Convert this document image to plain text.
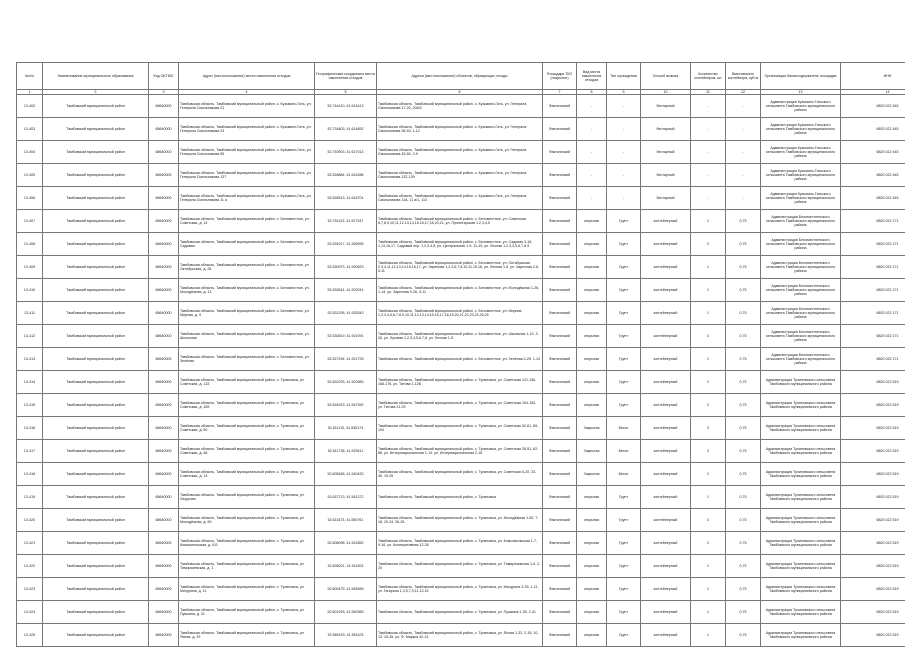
№п/п	Наименование муниципального образования	Код ОКТМО	Адрес (местоположение) места накопления отходов	Географические координаты места накопления отходов	Адреса (местоположение) объектов, образующих отходы	Площадка ТКО (покрытие)	Вид места накопления отходов	Тип ограждения	Способ вывоза	Количество контейнеров, шт	Вместимость контейнера, куб.м	Организация балансодержатель площадки	ИНН
1	2	3	4	5	6	7	8	9	10	11	12	13	14
13-402	Тамбовский муниципальный район	68640000	Тамбовская область, Тамбовский муниципальный район, с. Кузьмино-Гать, ул. Генерала Смольникова 21	52.744410, 41.614413	Тамбовская область, Тамбовский муниципальный район, с. Кузьмино-Гать, ул. Генерала Смольникова 17-20, 20А/2	Фактический	-	-	бестарный	-	-	Администрация Кузьмино-Гатьского сельсовета Тамбовского муниципального района	6820 022 445
13-403	Тамбовский муниципальный район	68640000	Тамбовская область, Тамбовский муниципальный район, с. Кузьмино-Гать, ул. Генерала Смольникова 24	52.734803, 41.614892	Тамбовская область, Тамбовский муниципальный район, с. Кузьмино-Гать, ул. Генерала Смольникова 36-53, 1-12	Фактический	-	-	бестарный	-	-	Администрация Кузьмино-Гатьского сельсовета Тамбовского муниципального района	6820 022 445
13-404	Тамбовский муниципальный район	68640000	Тамбовская область, Тамбовский муниципальный район, с. Кузьмино-Гать, ул. Генерала Смольникова 55	52.753903, 41.617013	Тамбовская область, Тамбовский муниципальный район, с. Кузьмино-Гать, ул. Генерала Смольникова 45-50, 2-9	Фактический	-	-	бестарный	-	-	Администрация Кузьмино-Гатьского сельсовета Тамбовского муниципального района	6820 022 445
13-405	Тамбовский муниципальный район	68640000	Тамбовская область, Тамбовский муниципальный район, с. Кузьмино-Гать, ул. Генерала Смольникова 137	52.528884, 41.614286	Тамбовская область, Тамбовский муниципальный район, с. Кузьмино-Гать, ул. Генерала Смольникова 132-139	Фактический	-	-	бестарный	-	-	Администрация Кузьмино-Гатьского сельсовета Тамбовского муниципального района	6820 022 445
13-406	Тамбовский муниципальный район	68640000	Тамбовская область, Тамбовский муниципальный район, с. Кузьмино-Гать, ул. Генерала Смольникова 11 а	52.528513, 41.616701	Тамбовская область, Тамбовский муниципальный район, с. Кузьмино-Гать, ул. Генерала Смольникова 11А, 11 а/1, 113	Фактический	-	-	бестарный	-	-	Администрация Кузьмино-Гатьского сельсовета Тамбовского муниципального района	6820 022 445
13-407	Тамбовский муниципальный район	68640000	Тамбовская область, Тамбовский муниципальный район, с. Беломестное, ул. Советская, д. 14	52.751123, 41.927347	Тамбовская область, Тамбовский муниципальный район, с. Беломестное, ул. Советская 6,7,8,9,10,11,12,13,14,15,16,17,18,20,21, ул. Пролетарская 1,2,3,4,5	Фактический	открытая	Грунт	контейнерный	1	0,75	Администрация Беломестненского сельсовета Тамбовского муниципального района	6820 022 171
13-408	Тамбовский муниципальный район	68640000	Тамбовская область, Тамбовский муниципальный район, с. Беломестное, ул. Садовая	52.534017, 41.926995	Тамбовская область, Тамбовский муниципальный район, с. Беломестное, ул. Садовая 3-16, 1,13,15,17, Садовый пер. 1,2,3,4,5, ул. Центральная 1-9, 11-19, ул. Лесная 1,2,3,4,5,6,7,8,9	Фактический	открытая	Грунт	контейнерный	2	0,75	Администрация Беломестненского сельсовета Тамбовского муниципального района	6820 022 171
13-409	Тамбовский муниципальный район	68640000	Тамбовская область, Тамбовский муниципальный район, с. Беломестное, ул. Октябрьская, д. 28	52.530973, 41.920623	Тамбовская область, Тамбовский муниципальный район, с. Беломестное, ул. Октябрьская 2,3,4,11,12,13,14,15,16,17, ул. Заречная 1,2,3,6,7,8,10,11,15,16, ул. Лесная 1-5, ул. Заречная 2-8, 9-11	Фактический	открытая	Грунт	контейнерный	1	0,75	Администрация Беломестненского сельсовета Тамбовского муниципального района	6820 022 171
13-410	Тамбовский муниципальный район	68640000	Тамбовская область, Тамбовский муниципальный район, с. Беломестное, ул. Молодёжная, д. 13	52.532641, 41.922041	Тамбовская область, Тамбовский муниципальный район, с. Беломестное, ул. Молодёжная 1-26, 1-14, ул. Заречная 9-26, 3-11	Фактический	открытая	Грунт	контейнерный	1	0,75	Администрация Беломестненского сельсовета Тамбовского муниципального района	6820 022 171
13-411	Тамбовский муниципальный район	68640000	Тамбовская область, Тамбовский муниципальный район, с. Беломестное, ул. Мирная, д. 9	52.531295, 41.925343	Тамбовская область, Тамбовский муниципальный район, с. Беломестное, ул. Мирная 1,2,3,4,5,6,7,8,9,10,11,12,13,14,15,16,17,18,19,20,21,22,23,24,25,26	Фактический	открытая	Грунт	контейнерный	1	0,75	Администрация Беломестненского сельсовета Тамбовского муниципального района	6820 022 171
13-412	Тамбовский муниципальный район	68640000	Тамбовская область, Тамбовский муниципальный район, с. Беломестное, ул. Школьная	52.530819, 41.921091	Тамбовская область, Тамбовский муниципальный район, с. Беломестное, ул. Школьная 1-19, 3-26, ул. Луговая 1,2,3,4,5,6,7,8, ул. Лесная 1-5	Фактический	открытая	Грунт	контейнерный	2	0,75	Администрация Беломестненского сельсовета Тамбовского муниципального района	6820 022 171
13-413	Тамбовский муниципальный район	68640000	Тамбовская область, Тамбовский муниципальный район, с. Беломестное, ул. Зелёная	52.527294, 41.921793	Тамбовская область, Тамбовский муниципальный район, с. Беломестное, ул. Зелёная 2-25, 1-14	Фактический	открытая	Грунт	контейнерный	1	0,75	Администрация Беломестненского сельсовета Тамбовского муниципального района	6820 022 171
13-414	Тамбовский муниципальный район	68640000	Тамбовская область, Тамбовский муниципальный район, с. Тулиновка, ул. Советская, д. 133	52.632293, 41.520983	Тамбовская область, Тамбовский муниципальный район, с. Тулиновка, ул. Советская 121-136, 168-176, ул. Титова 1-12Б	Фактический	открытая	Грунт	контейнерный	2	0,75	Администрация Тулиновского сельсовета Тамбовского муниципального района	6820 022 519
13-415	Тамбовский муниципальный район	68640000	Тамбовская область, Тамбовский муниципальный район, с. Тулиновка, ул. Советская, д. 165	52.624923, 41.547392	Тамбовская область, Тамбовский муниципальный район, с. Тулиновка, ул. Советская 154-183, ул. Титова 21-29	Фактический	открытая	Грунт	контейнерный	2	0,75	Администрация Тулиновского сельсовета Тамбовского муниципального района	6820 022 519
13-416	Тамбовский муниципальный район	68640000	Тамбовская область, Тамбовский муниципальный район, с. Тулиновка, ул. Советская, д. 60	52.611110, 41.535174	Тамбовская область, Тамбовский муниципальный район, с. Тулиновка, ул. Советская 52-61, 89-104	Фактический	Закрытая	Бетон	контейнерный	3	0,75	Администрация Тулиновского сельсовета Тамбовского муниципального района	6820 022 519
13-417	Тамбовский муниципальный район	68640000	Тамбовская область, Тамбовский муниципальный район, с. Тулиновка, ул. Советская, д. 48	52.611738, 41.529411	Тамбовская область, Тамбовский муниципальный район, с. Тулиновка, ул. Советская 35-51, 62-88, ул. Интернациональная 1-14, ул. Интернациональная 2-16	Фактический	Закрытая	Бетон	контейнерный	3	0,75	Администрация Тулиновского сельсовета Тамбовского муниципального района	6820 022 519
13-418	Тамбовский муниципальный район	68640000	Тамбовская область, Тамбовский муниципальный район, с. Тулиновка, ул. Советская, д. 13	52.605465, 41.540433	Тамбовская область, Тамбовский муниципальный район, с. Тулиновка, ул. Советская 5-20, 23-40, 19-25	Фактический	Закрытая	Бетон	контейнерный	2	0,75	Администрация Тулиновского сельсовета Тамбовского муниципального района	6820 022 519
13-419	Тамбовский муниципальный район	68640000	Тамбовская область, Тамбовский муниципальный район, с. Тулиновка, ул. Лазурная	52.612713, 41.541372	Тамбовская область, Тамбовский муниципальный район, с. Тулиновка	Фактический	открытая	Грунт	контейнерный	1	0,75	Администрация Тулиновского сельсовета Тамбовского муниципального района	6820 022 519
13-420	Тамбовский муниципальный район	68640000	Тамбовская область, Тамбовский муниципальный район, с. Тулиновка, ул. Молодёжная, д. 50	52.611673, 41.550761	Тамбовская область, Тамбовский муниципальный район, с. Тулиновка, ул. Молодёжная 1-50, 7-18, 20-24, 26-28	Фактический	открытая	Грунт	контейнерный	2	0,75	Администрация Тулиновского сельсовета Тамбовского муниципального района	6820 022 519
13-421	Тамбовский муниципальный район	68640000	Тамбовская область, Тамбовский муниципальный район, с. Тулиновка, ул. Комсомольская, д. 6-Б	52.608098, 41.512852	Тамбовская область, Тамбовский муниципальный район, с. Тулиновка, ул. Комсомольская 1-7, 9-16, ул. Кооперативная 12-26	Фактический	открытая	Грунт	контейнерный	2	0,75	Администрация Тулиновского сельсовета Тамбовского муниципального района	6820 022 519
13-422	Тамбовский муниципальный район	68640000	Тамбовская область, Тамбовский муниципальный район, с. Тулиновка, ул. Тимирязевская, д. 1	52.606021, 41.511903	Тамбовская область, Тамбовский муниципальный район, с. Тулиновка, ул. Тимирязевская 1-9, 2-20	Фактический	открытая	Грунт	контейнерный	1	0,75	Администрация Тулиновского сельсовета Тамбовского муниципального района	6820 022 519
13-423	Тамбовский муниципальный район	68640000	Тамбовская область, Тамбовский муниципальный район, с. Тулиновка, ул. Мичурина, д. 11	52.600475, 41.545589	Тамбовская область, Тамбовский муниципальный район, с. Тулиновка, ул. Мичурина 3-25, 1-21, ул. Гагарина 1,3,5,7,9,11,13,15	Фактический	открытая	Грунт	контейнерный	1	0,75	Администрация Тулиновского сельсовета Тамбовского муниципального района	6820 022 519
13-424	Тамбовский муниципальный район	68640000	Тамбовская область, Тамбовский муниципальный район, с. Тулиновка, ул. Пушкина, д. 31	52.601925, 41.540365	Тамбовская область, Тамбовский муниципальный район, с. Тулиновка, ул. Пушкина 1-35, 2-41	Фактический	открытая	Грунт	контейнерный	1	0,75	Администрация Тулиновского сельсовета Тамбовского муниципального района	6820 022 519
13-425	Тамбовский муниципальный район	68640000	Тамбовская область, Тамбовский муниципальный район, с. Тулиновка, ул. Ясная, д. 29	52.589153, 41.551103	Тамбовская область, Тамбовский муниципальный район, с. Тулиновка, ул. Ясная 1-32, 2-15, 10-13, 15-35, ул. Ф. Маркса 42-13	Фактический	открытая	Грунт	контейнерный	1	0,75	Администрация Тулиновского сельсовета Тамбовского муниципального района	6820 022 519
